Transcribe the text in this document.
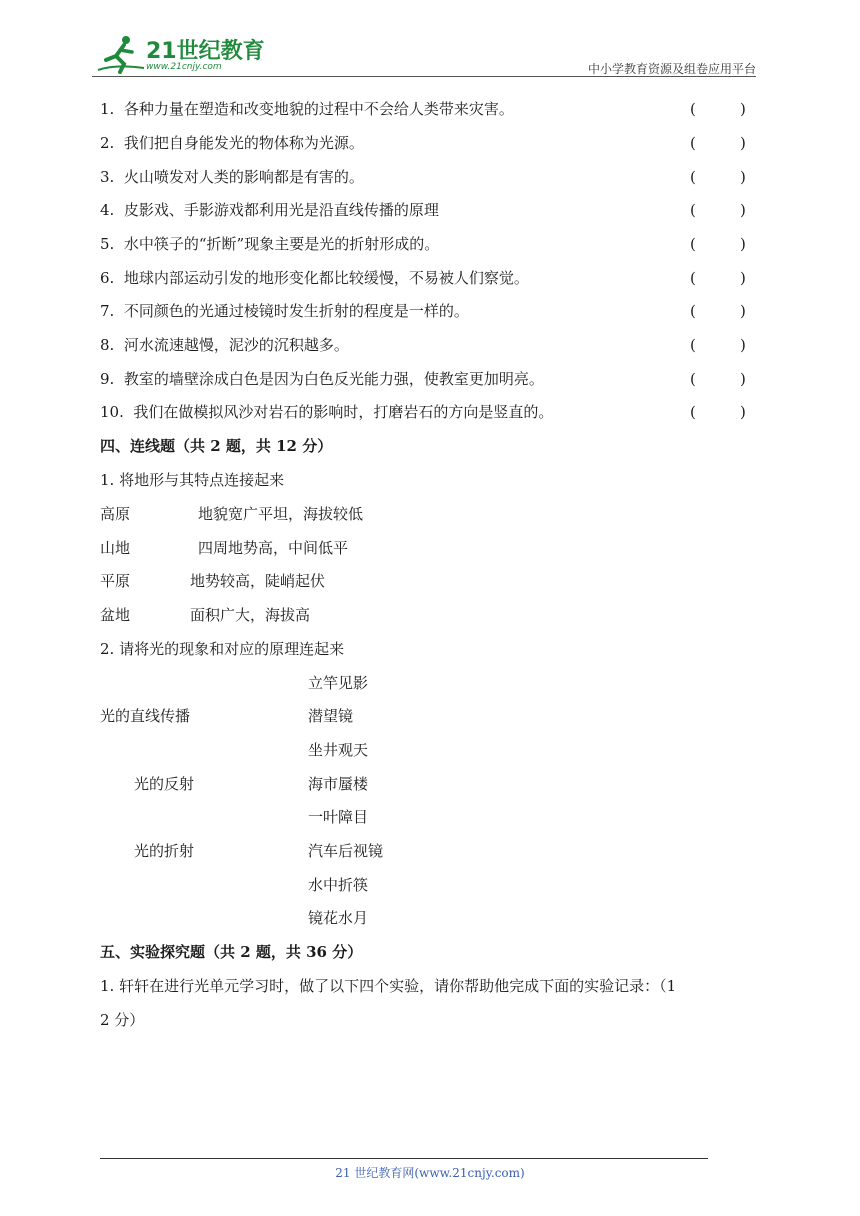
21世纪教育
www.21cnjy.com	中小学教育资源及组卷应用平台
1. 各种力量在塑造和改变地貌的过程中不会给人类带来灾害。	(	)
2. 我们把自身能发光的物体称为光源。	(	)
3. 火山喷发对人类的影响都是有害的。	(	)
4. 皮影戏、手影游戏都利用光是沿直线传播的原理	(	)
5. 水中筷子的“折断”现象主要是光的折射形成的。	(	)
6. 地球内部运动引发的地形变化都比较缓慢，不易被人们察觉。	(	)
7. 不同颜色的光通过棱镜时发生折射的程度是一样的。	(	)
8. 河水流速越慢，泥沙的沉积越多。	(	)
9. 教室的墙壁涂成白色是因为白色反光能力强，使教室更加明亮。	(	)
10. 我们在做模拟风沙对岩石的影响时，打磨岩石的方向是竖直的。	(	)
四、连线题（共 2 题，共 12 分）
1. 将地形与其特点连接起来
高原	地貌宽广平坦，海拔较低
山地	四周地势高，中间低平
平原	地势较高，陡峭起伏
盆地	面积广大，海拔高
2. 请将光的现象和对应的原理连起来
立竿见影
光的直线传播	潜望镜
坐井观天
光的反射	海市蜃楼
一叶障目
光的折射	汽车后视镜
水中折筷
镜花水月
五、实验探究题（共 2 题，共 36 分）
1. 轩轩在进行光单元学习时，做了以下四个实验，请你帮助他完成下面的实验记录：（1
2 分）
21 世纪教育网(www.21cnjy.com)
